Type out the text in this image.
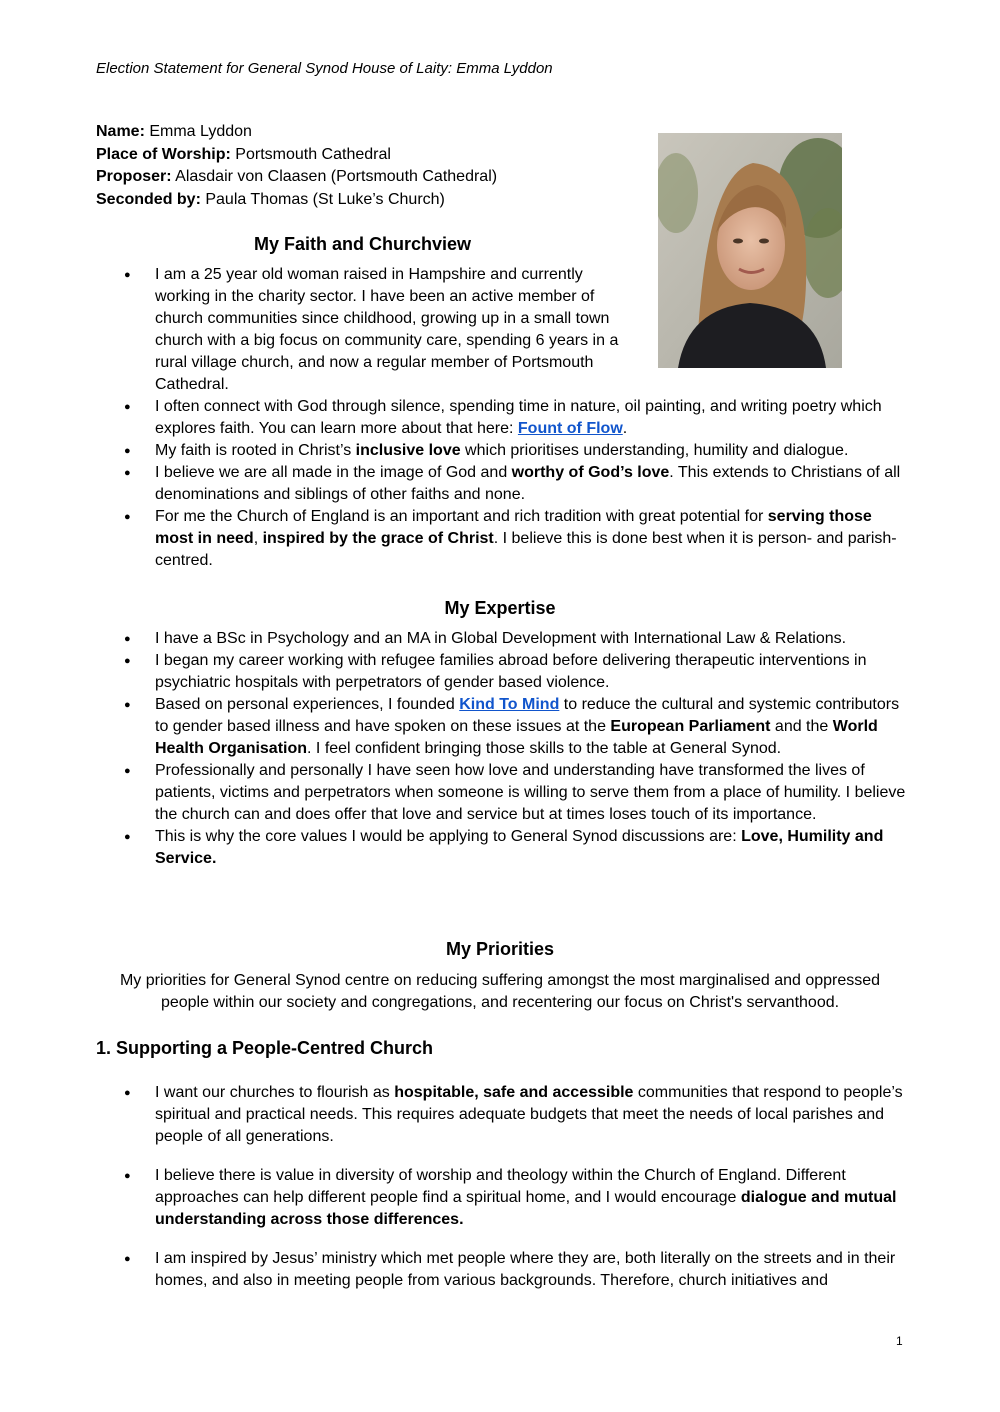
Election Statement for General Synod House of Laity: Emma Lyddon
Name: Emma Lyddon
Place of Worship: Portsmouth Cathedral
Proposer: Alasdair von Claasen (Portsmouth Cathedral)
Seconded by: Paula Thomas (St Luke’s Church)
My Faith and Churchview
● I am a 25 year old woman raised in Hampshire and currently working in the charity sector. I have been an active member of church communities since childhood, growing up in a small town church with a big focus on community care, spending 6 years in a rural village church, and now a regular member of Portsmouth Cathedral.
● I often connect with God through silence, spending time in nature, oil painting, and writing poetry which explores faith. You can learn more about that here: Fount of Flow.
● My faith is rooted in Christ’s inclusive love which prioritises understanding, humility and dialogue.
● I believe we are all made in the image of God and worthy of God’s love. This extends to Christians of all denominations and siblings of other faiths and none.
● For me the Church of England is an important and rich tradition with great potential for serving those most in need, inspired by the grace of Christ. I believe this is done best when it is person- and parish- centred.
My Expertise
● I have a BSc in Psychology and an MA in Global Development with International Law & Relations.
● I began my career working with refugee families abroad before delivering therapeutic interventions in psychiatric hospitals with perpetrators of gender based violence.
● Based on personal experiences, I founded Kind To Mind to reduce the cultural and systemic contributors to gender based illness and have spoken on these issues at the European Parliament and the World Health Organisation. I feel confident bringing those skills to the table at General Synod.
● Professionally and personally I have seen how love and understanding have transformed the lives of patients, victims and perpetrators when someone is willing to serve them from a place of humility. I believe the church can and does offer that love and service but at times loses touch of its importance.
● This is why the core values I would be applying to General Synod discussions are: Love, Humility and Service.
My Priorities
My priorities for General Synod centre on reducing suffering amongst the most marginalised and oppressed people within our society and congregations, and recentering our focus on Christ's servanthood.
1. Supporting a People-Centred Church
● I want our churches to flourish as hospitable, safe and accessible communities that respond to people’s spiritual and practical needs. This requires adequate budgets that meet the needs of local parishes and people of all generations.
● I believe there is value in diversity of worship and theology within the Church of England. Different approaches can help different people find a spiritual home, and I would encourage dialogue and mutual understanding across those differences.
● I am inspired by Jesus’ ministry which met people where they are, both literally on the streets and in their homes, and also in meeting people from various backgrounds. Therefore, church initiatives and
1
